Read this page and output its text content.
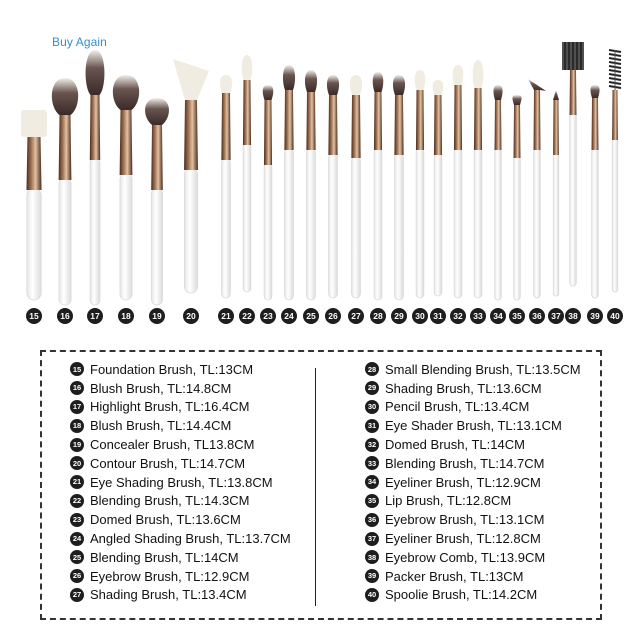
Buy Again
15	16	17	18	19	20	21	22	23	24	25	26	27	28	29	30	31	32	33	34	35	36	37 38	39	40
15 Foundation Brush, TL:13CM
16 Blush Brush, TL:14.8CM
17 Highlight Brush, TL:16.4CM
18 Blush Brush, TL:14.4CM
19 Concealer Brush, TL13.8CM
20 Contour Brush, TL:14.7CM
21 Eye Shading Brush, TL:13.8CM
22 Blending Brush, TL:14.3CM
23 Domed Brush, TL:13.6CM
24 Angled Shading Brush, TL:13.7CM
25 Blending Brush, TL:14CM
26 Eyebrow Brush, TL:12.9CM
27 Shading Brush, TL:13.4CM
28 Small Blending Brush, TL:13.5CM
29 Shading Brush, TL:13.6CM
30 Pencil Brush, TL:13.4CM
31 Eye Shader Brush, TL:13.1CM
32 Domed Brush, TL:14CM
33 Blending Brush, TL:14.7CM
34 Eyeliner Brush, TL:12.9CM
35 Lip Brush, TL:12.8CM
36 Eyebrow Brush, TL:13.1CM
37 Eyeliner Brush, TL:12.8CM
38 Eyebrow Comb, TL:13.9CM
39 Packer Brush, TL:13CM
40 Spoolie Brush, TL:14.2CM
